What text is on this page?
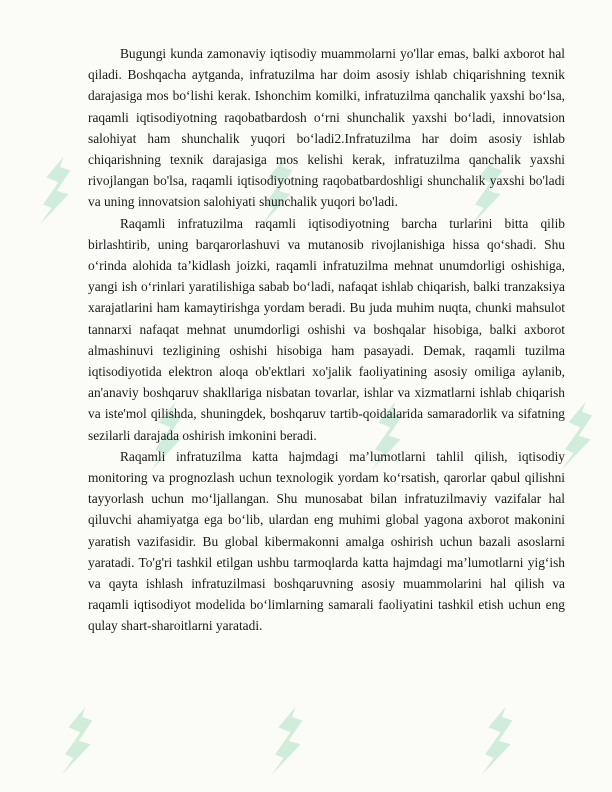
Bugungi kunda zamonaviy iqtisodiy muammolarni yo'llar emas, balki axborot hal qiladi. Boshqacha aytganda, infratuzilma har doim asosiy ishlab chiqarishning texnik darajasiga mos bo‘lishi kerak. Ishonchim komilki, infratuzilma qanchalik yaxshi bo‘lsa, raqamli iqtisodiyotning raqobatbardosh o‘rni shunchalik yaxshi bo‘ladi, innovatsion salohiyat ham shunchalik yuqori bo‘ladi2.Infratuzilma har doim asosiy ishlab chiqarishning texnik darajasiga mos kelishi kerak, infratuzilma qanchalik yaxshi rivojlangan bo'lsa, raqamli iqtisodiyotning raqobatbardoshligi shunchalik yaxshi bo'ladi va uning innovatsion salohiyati shunchalik yuqori bo'ladi.

Raqamli infratuzilma raqamli iqtisodiyotning barcha turlarini bitta qilib birlashtirib, uning barqarorlashuvi va mutanosib rivojlanishiga hissa qo‘shadi. Shu o‘rinda alohida ta’kidlash joizki, raqamli infratuzilma mehnat unumdorligi oshishiga, yangi ish o‘rinlari yaratilishiga sabab bo‘ladi, nafaqat ishlab chiqarish, balki tranzaksiya xarajatlarini ham kamaytirishga yordam beradi. Bu juda muhim nuqta, chunki mahsulot tannarxi nafaqat mehnat unumdorligi oshishi va boshqalar hisobiga, balki axborot almashinuvi tezligining oshishi hisobiga ham pasayadi. Demak, raqamli tuzilma iqtisodiyotida elektron aloqa ob'ektlari xo'jalik faoliyatining asosiy omiliga aylanib, an'anaviy boshqaruv shakllariga nisbatan tovarlar, ishlar va xizmatlarni ishlab chiqarish va iste'mol qilishda, shuningdek, boshqaruv tartib-qoidalarida samaradorlik va sifatning sezilarli darajada oshirish imkonini beradi.

Raqamli infratuzilma katta hajmdagi ma’lumotlarni tahlil qilish, iqtisodiy monitoring va prognozlash uchun texnologik yordam ko‘rsatish, qarorlar qabul qilishni tayyorlash uchun mo‘ljallangan. Shu munosabat bilan infratuzilmaviy vazifalar hal qiluvchi ahamiyatga ega bo‘lib, ulardan eng muhimi global yagona axborot makonini yaratish vazifasidir. Bu global kibermakonni amalga oshirish uchun bazali asoslarni yaratadi. To'g'ri tashkil etilgan ushbu tarmoqlarda katta hajmdagi ma’lumotlarni yig‘ish va qayta ishlash infratuzilmasi boshqaruvning asosiy muammolarini hal qilish va raqamli iqtisodiyot modelida bo‘limlarning samarali faoliyatini tashkil etish uchun eng qulay shart-sharoitlarni yaratadi.
